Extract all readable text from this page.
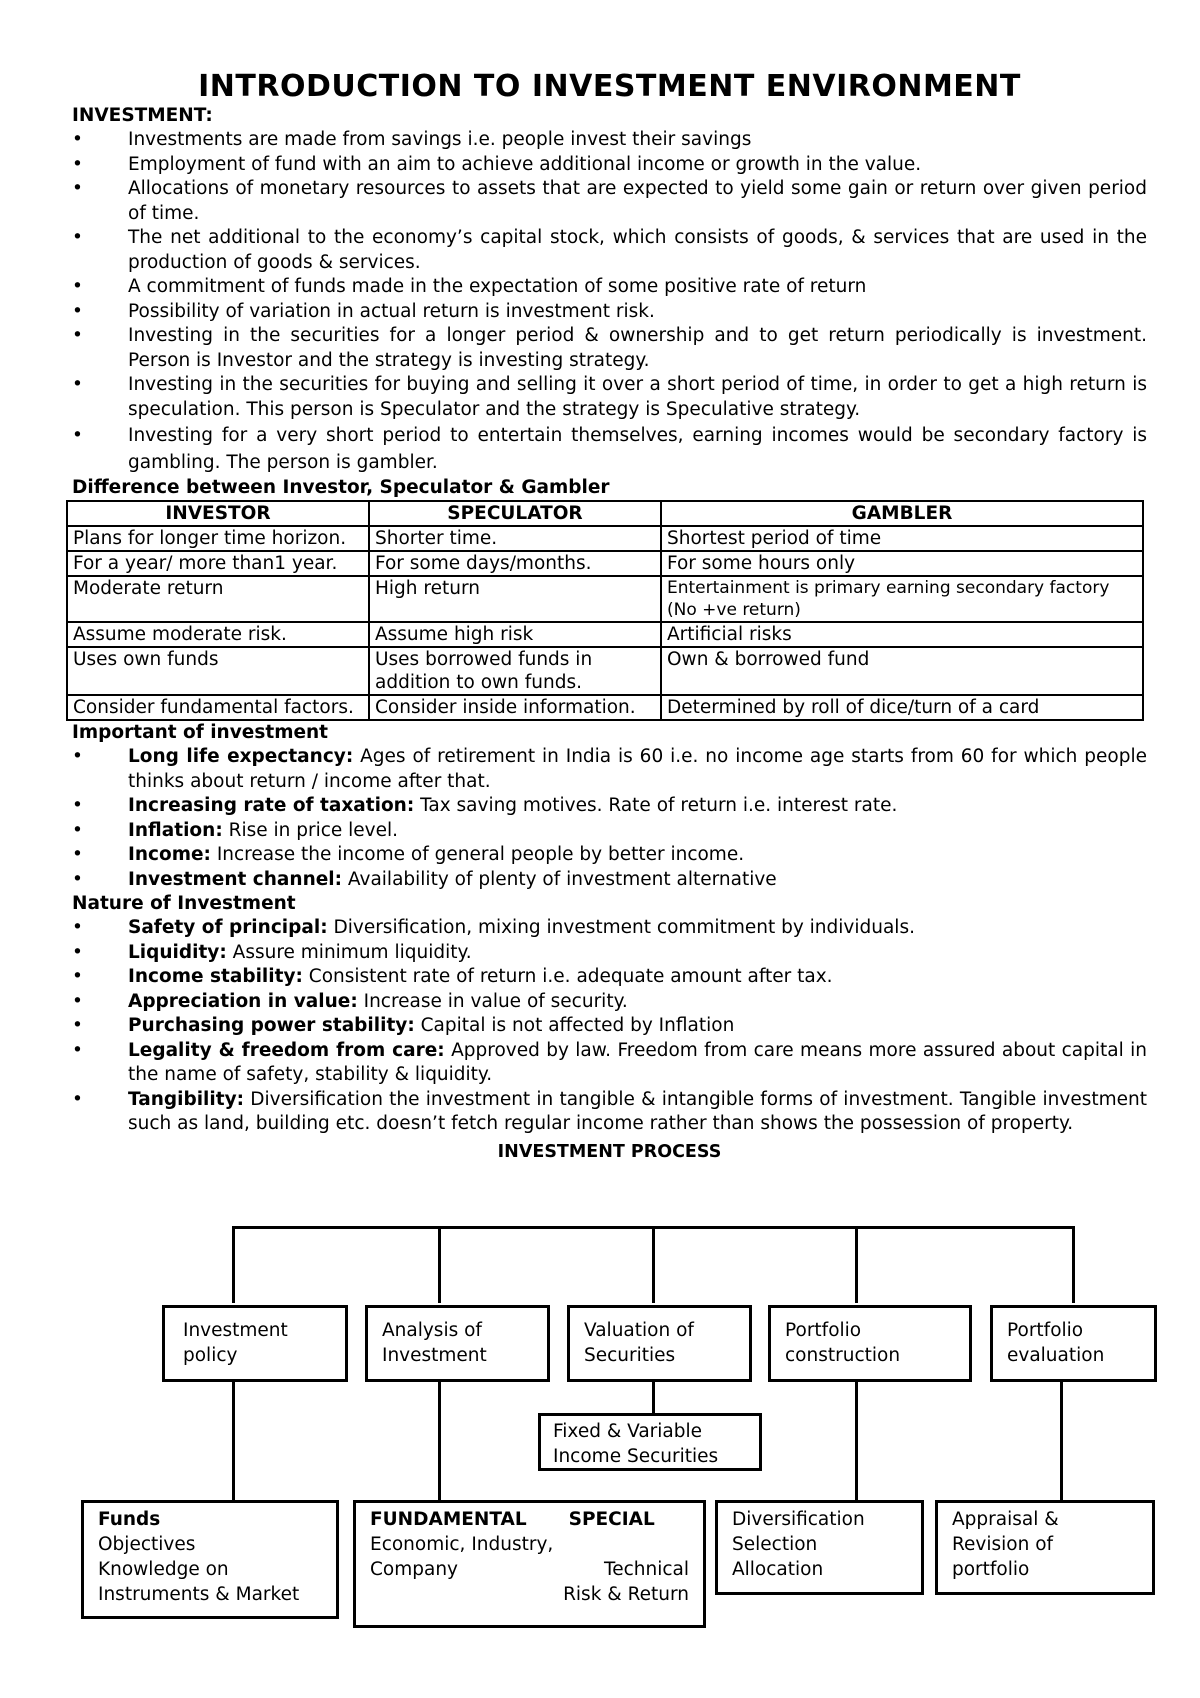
INTRODUCTION TO INVESTMENT ENVIRONMENT

INVESTMENT:

• Investments are made from savings i.e. people invest their savings
• Employment of fund with an aim to achieve additional income or growth in the value.
• Allocations of monetary resources to assets that are expected to yield some gain or return over given period of time.
• The net additional to the economy’s capital stock, which consists of goods, & services that are used in the production of goods & services.
• A commitment of funds made in the expectation of some positive rate of return
• Possibility of variation in actual return is investment risk.
• Investing in the securities for a longer period & ownership and to get return periodically is investment. Person is Investor and the strategy is investing strategy.
• Investing in the securities for buying and selling it over a short period of time, in order to get a high return is speculation. This person is Speculator and the strategy is Speculative strategy.
• Investing for a very short period to entertain themselves, earning incomes would be secondary factory is gambling. The person is gambler.

Difference between Investor, Speculator & Gambler

INVESTOR	SPECULATOR	GAMBLER
Plans for longer time horizon.	Shorter time.	Shortest period of time
For a year/ more than1 year.	For some days/months.	For some hours only
Moderate return	High return	Entertainment is primary earning secondary factory (No +ve return)
Assume moderate risk.	Assume high risk	Artificial risks
Uses own funds	Uses borrowed funds in addition to own funds.	Own & borrowed fund
Consider fundamental factors.	Consider inside information.	Determined by roll of dice/turn of a card

Important of investment

• Long life expectancy: Ages of retirement in India is 60 i.e. no income age starts from 60 for which people thinks about return / income after that.
• Increasing rate of taxation: Tax saving motives. Rate of return i.e. interest rate.
• Inflation: Rise in price level.
• Income: Increase the income of general people by better income.
• Investment channel: Availability of plenty of investment alternative

Nature of Investment

• Safety of principal: Diversification, mixing investment commitment by individuals.
• Liquidity: Assure minimum liquidity.
• Income stability: Consistent rate of return i.e. adequate amount after tax.
• Appreciation in value: Increase in value of security.
• Purchasing power stability: Capital is not affected by Inflation
• Legality & freedom from care: Approved by law. Freedom from care means more assured about capital in the name of safety, stability & liquidity.
• Tangibility: Diversification the investment in tangible & intangible forms of investment. Tangible investment such as land, building etc. doesn’t fetch regular income rather than shows the possession of property.
INVESTMENT PROCESS
Investment
policy
Analysis of
Investment
Valuation of
Securities
Portfolio
construction
Portfolio
evaluation
Fixed & Variable
Income Securities
Funds
Objectives
Knowledge on
Instruments & Market
FUNDAMENTAL SPECIAL
Economic, Industry,
Company	Technical
Risk & Return
Diversification
Selection
Allocation
Appraisal &
Revision of
portfolio
